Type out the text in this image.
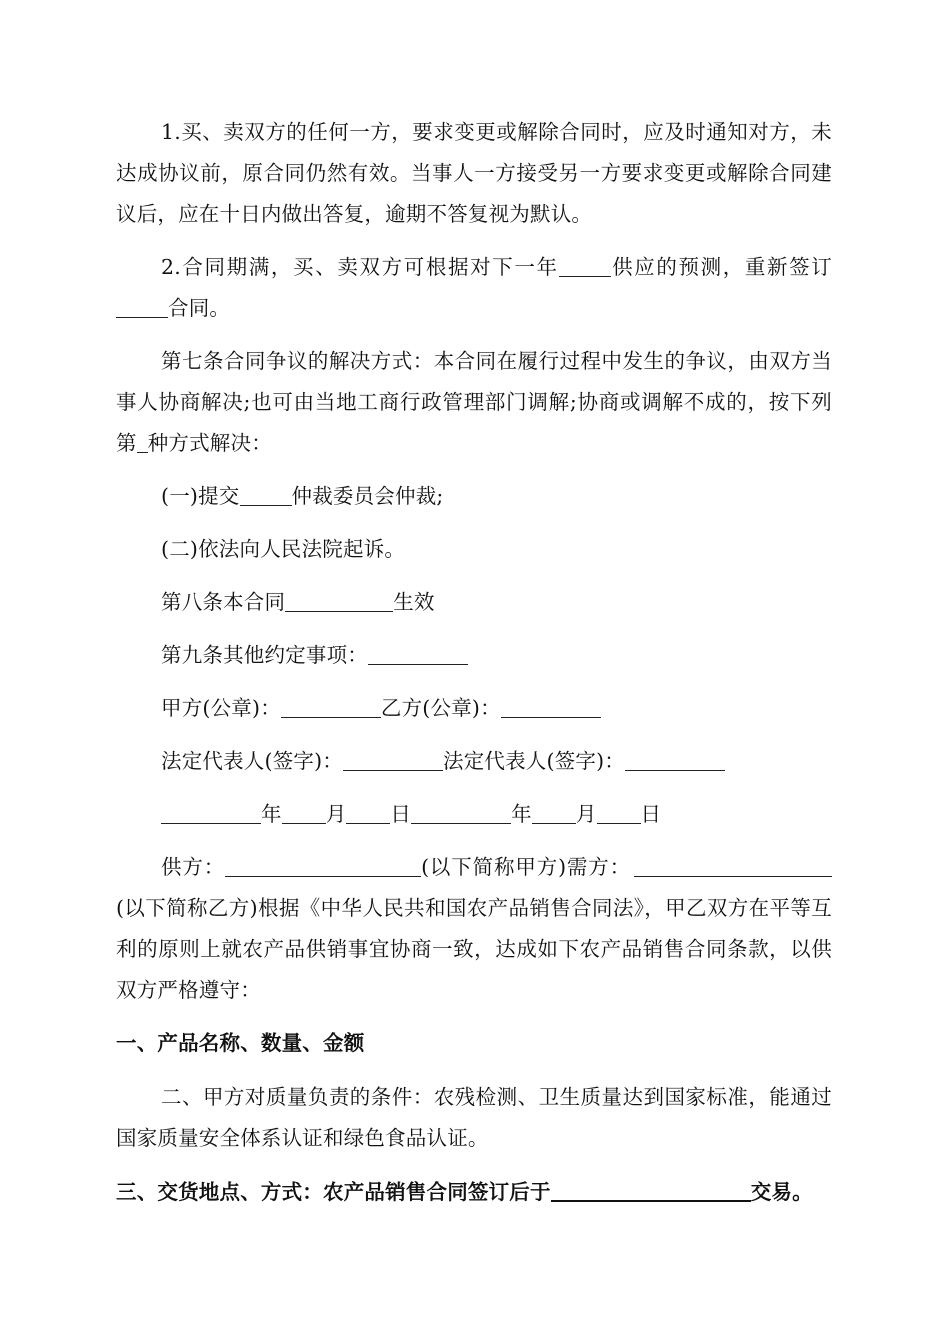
1.买、卖双方的任何一方，要求变更或解除合同时，应及时通知对方，未达成协议前，原合同仍然有效。当事人一方接受另一方要求变更或解除合同建议后，应在十日内做出答复，逾期不答复视为默认。

2.合同期满，买、卖双方可根据对下一年	供应的预测，重新签订合同。

第七条合同争议的解决方式：本合同在履行过程中发生的争议，由双方当事人协商解决;也可由当地工商行政管理部门调解;协商或调解不成的，按下列第 种方式解决：

(一)提交	仲裁委员会仲裁;

(二)依法向人民法院起诉。

第八条本合同	生效

第九条其他约定事项：

甲方(公章)：	乙方(公章)：

法定代表人(签字)：	法定代表人(签字)：

年 月 日	年 月 日

供方：	(以下简称甲方)需方：(以下简称乙方)根据《中华人民共和国农产品销售合同法》，甲乙双方在平等互利的原则上就农产品供销事宜协商一致，达成如下农产品销售合同条款，以供双方严格遵守：

一、产品名称、数量、金额

二、甲方对质量负责的条件：农残检测、卫生质量达到国家标准，能通过国家质量安全体系认证和绿色食品认证。

三、交货地点、方式：农产品销售合同签订后于	交易。
